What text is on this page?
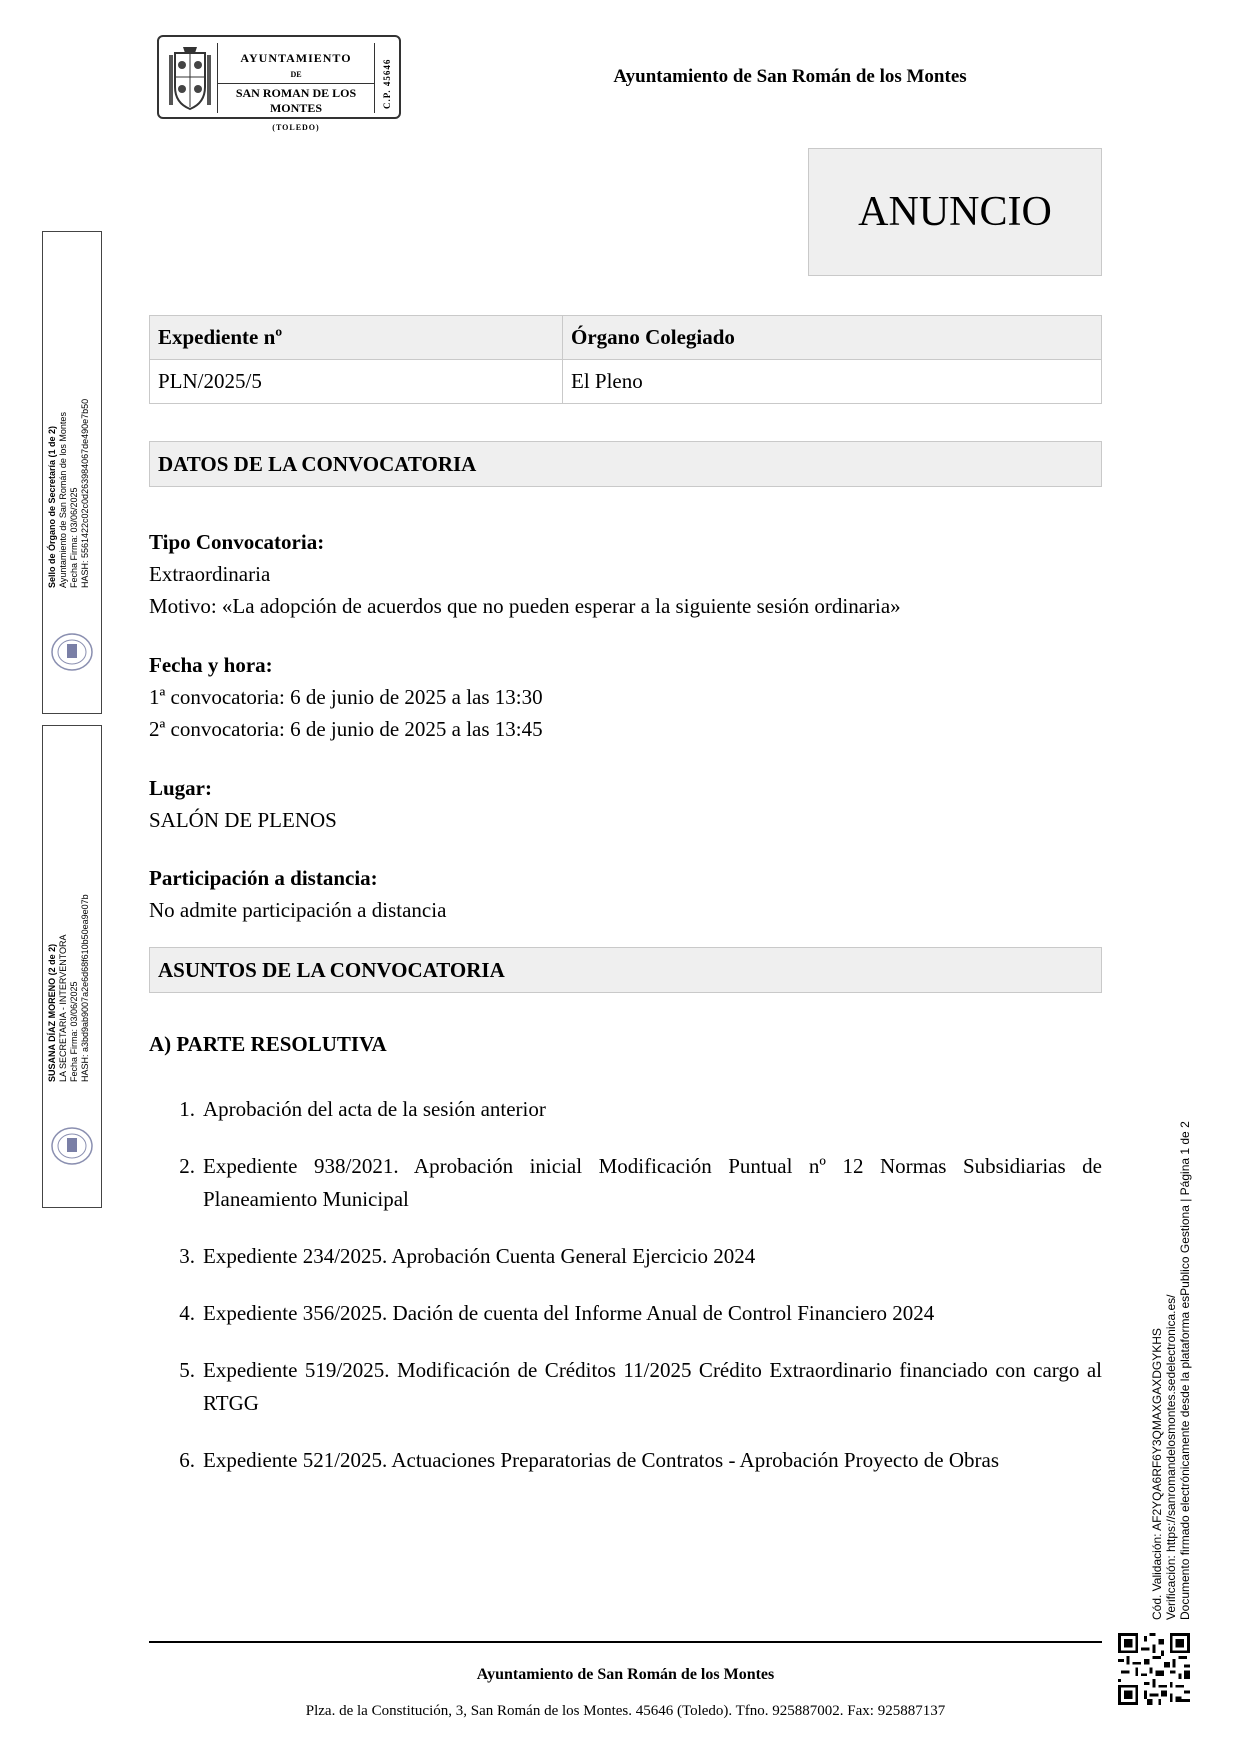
AYUNTAMIENTO
DE
SAN ROMAN DE LOS MONTES
(TOLEDO)
C.P. 45646	Ayuntamiento de San Román de los Montes
ANUNCIO
Expediente nº	Órgano Colegiado
PLN/2025/5	El Pleno
DATOS DE LA CONVOCATORIA
Tipo Convocatoria:
Extraordinaria
Motivo: «La adopción de acuerdos que no pueden esperar a la siguiente sesión ordinaria»
Fecha y hora:
1ª convocatoria: 6 de junio de 2025 a las 13:30
2ª convocatoria: 6 de junio de 2025 a las 13:45
Lugar:
SALÓN DE PLENOS
Participación a distancia:
No admite participación a distancia
ASUNTOS DE LA CONVOCATORIA
A) PARTE RESOLUTIVA
1. Aprobación del acta de la sesión anterior
2. Expediente 938/2021. Aprobación inicial Modificación Puntual nº 12 Normas Subsidiarias de Planeamiento Municipal
3. Expediente 234/2025. Aprobación Cuenta General Ejercicio 2024
4. Expediente 356/2025. Dación de cuenta del Informe Anual de Control Financiero 2024
5. Expediente 519/2025. Modificación de Créditos 11/2025 Crédito Extraordinario financiado con cargo al RTGG
6. Expediente 521/2025. Actuaciones Preparatorias de Contratos - Aprobación Proyecto de Obras
Ayuntamiento de San Román de los Montes
Plza. de la Constitución, 3, San Román de los Montes. 45646 (Toledo). Tfno. 925887002. Fax: 925887137
Sello de Órgano de Secretaría (1 de 2) Ayuntamiento de San Román de los Montes Fecha Firma: 03/06/2025 HASH: 5561422c02c0d263984067de490e7b50
SUSANA DÍAZ MORENO (2 de 2) LA SECRETARIA - INTERVENTORA Fecha Firma: 03/06/2025 HASH: a3bd9ab9007a2e6d68f610b50ea9e07b
Cód. Validación: AF2YQA6RF6Y3QMAXGAXDGYKHS Verificación: https://sanromandelosmontes.sedelectronica.es/ Documento firmado electrónicamente desde la plataforma esPublico Gestiona | Página 1 de 2
